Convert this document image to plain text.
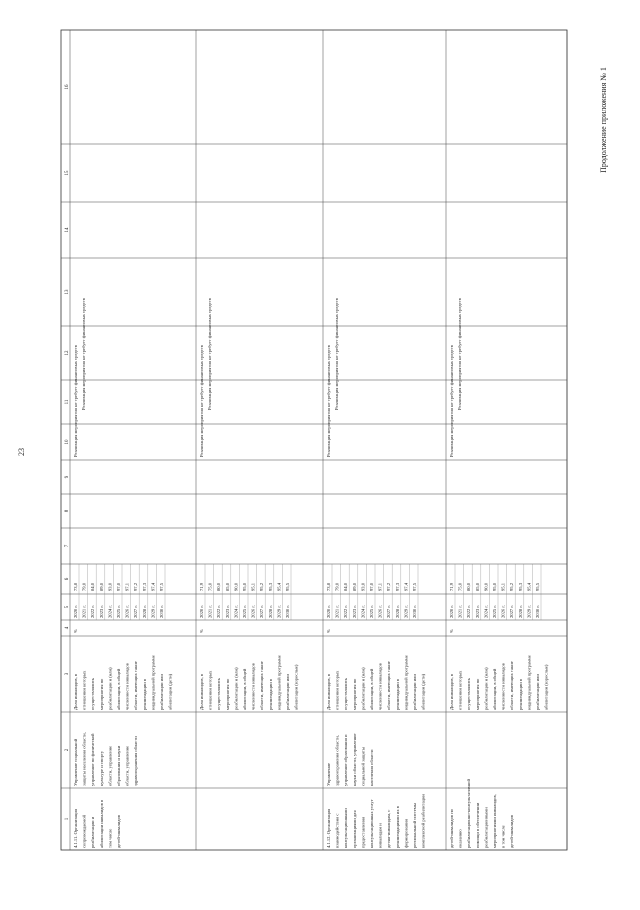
23
Продолжение приложения № 1
1
2
3
4
5
6
7
8
9
10
11
12
13
14
15
16
4.1.11. Организация сопровождаемой реабилитации и абилитации инвалидов в том числе детей-инвалидов
Управление социальной защиты населения области, управление по физической культуре и спорту области, управление образования и науки области, управление здравоохранения области
Доля инвалидов, в отношении которых осуществлялись мероприятия по реабилитации и (или) абилитации, в общей численности инвалидов области, имеющих такие рекомендации в индивидуальной программе реабилитации или абилитации (дети)
%
2020 г. 2021 г. 2022 г. 2023 г. 2024 г. 2025 г. 2026 г. 2027 г. 2028 г. 2029 г. 2030 г.
73,8 79,0 84,0 89,0 93,0 97,0 97,1 97,2 97,3 97,4 97,5
Реализация мероприятия не требует финансовых средств Реализация мероприятия не требует финансовых средств
Доля инвалидов, в отношении которых осуществлялись мероприятия по реабилитации и (или) абилитации, в общей численности инвалидов области, имеющих такие рекомендации в индивидуальной программе реабилитации или абилитации (взрослые)
%
2020 г. 2021 г. 2022 г. 2023 г. 2024 г. 2025 г. 2026 г. 2027 г. 2028 г. 2029 г. 2030 г.
71,9 75,0 80,0 85,0 90,0 95,0 95,1 95,2 95,3 95,4 95,5
Реализация мероприятия не требует финансовых средств Реализация мероприятия не требует финансовых средств
4.1.12. Организация взаимодействия с консультационными организациями для предоставления консультационных услуг инвалидам и детям-инвалидам, с рекомендациями их в формировании региональной системы комплексной реабилитации
Управление здравоохранения области, управление образования и науки области, управление социальной защиты населения области
Доля инвалидов, в отношении которых осуществлялись мероприятия по реабилитации и (или) абилитации, в общей численности инвалидов области, имеющих такие рекомендации в индивидуальной программе реабилитации или абилитации (дети)
%
2020 г. 2021 г. 2022 г. 2023 г. 2024 г. 2025 г. 2026 г. 2027 г. 2028 г. 2029 г. 2030 г.
73,8 79,0 84,0 89,0 93,0 97,0 97,1 97,2 97,3 97,4 97,5
Реализация мероприятия не требует финансовых средств Реализация мероприятия не требует финансовых средств
детей-инвалидов по оказанию реабилитационно-консультативной помощи в обеспечении реабилитационными мероприятиями инвалидов, в том числе детей-инвалидов
Доля инвалидов, в отношении которых осуществлялись мероприятия по реабилитации и (или) абилитации, в общей численности инвалидов области, имеющих такие рекомендации в индивидуальной программе реабилитации или абилитации (взрослые)
%
2020 г. 2021 г. 2022 г. 2023 г. 2024 г. 2025 г. 2026 г. 2027 г. 2028 г. 2029 г. 2030 г.
71,9 75,0 80,0 85,0 90,0 95,0 95,1 95,2 95,3 95,4 95,5
Реализация мероприятия не требует финансовых средств Реализация мероприятия не требует финансовых средств
